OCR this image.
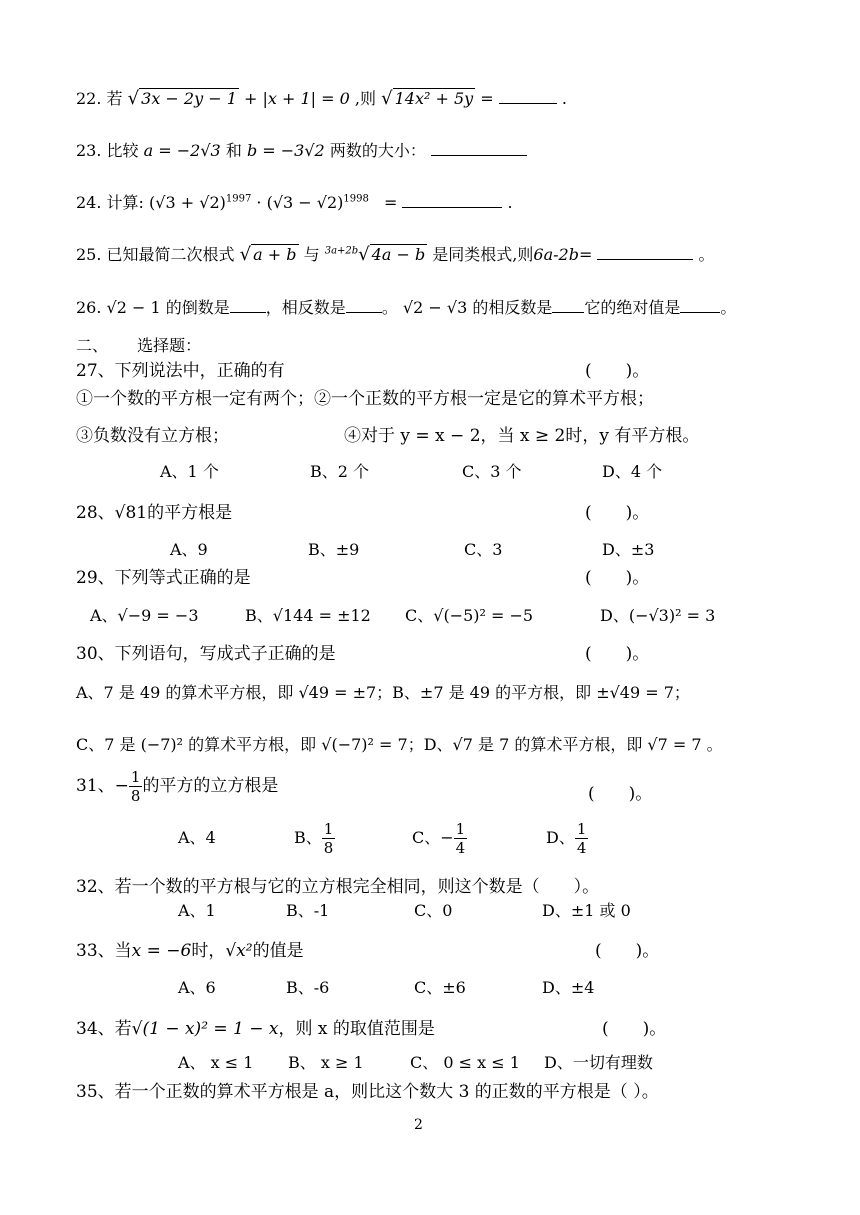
22. 若 √ 3x − 2y − 1 + |x + 1| = 0 ,则 √ 14x² + 5y =	.
23. 比较 a = −2√3 和 b = −3√2 两数的大小：
24. 计算: $(√3 + √2)^{1997} \cdot (√3 - √2)^{1998}$ =	.
25. 已知最简二次根式 √ a + b 与 $^{3a+2b}$√ 4a − b 是同类根式,则6a-2b=	。
26. √2 − 1 的倒数是 ，相反数是 。 √2 − √3 的相反数是 它的绝对值是	。
二、 选择题：
27、下列说法中，正确的有	(　　)。
①一个数的平方根一定有两个；②一个正数的平方根一定是它的算术平方根；
③负数没有立方根；	④对于 y = x − 2，当 x ≥ 2时，y 有平方根。
A、1 个	B、2 个	C、3 个	D、4 个
28、√81的平方根是	(　　)。
A、9	B、±9	C、3	D、±3
29、下列等式正确的是	(　　)。
A、√−9 = −3	B、√144 = ±12 C、√(−5)² = −5	D、(−√3)² = 3
30、下列语句，写成式子正确的是	(　　)。
A、7 是 49 的算术平方根，即 √49 = ±7；B、±7 是 49 的平方根，即 ±√49 = 7；
C、7 是 (−7)² 的算术平方根，即 √(−7)² = 7；D、√7 是 7 的算术平方根，即 √7 = 7 。
31、− $\frac{1}{8}$ 的平方的立方根是	(　　)。
A、4	B、 $\frac{1}{8}$	C、− $\frac{1}{4}$	D、 $\frac{1}{4}$
32、若一个数的平方根与它的立方根完全相同，则这个数是（　　）。
A、1	B、-1	C、0	D、±1 或 0
33、当x = −6时，√x²的值是	(　　)。
A、6	B、-6	C、±6	D、±4
34、若√(1 − x)² = 1 − x，则 x 的取值范围是	(　　)。
A、 x ≤ 1 B、 x ≥ 1	C、 0 ≤ x ≤ 1 D、一切有理数
35、若一个正数的算术平方根是 a，则比这个数大 3 的正数的平方根是（ ）。
2
